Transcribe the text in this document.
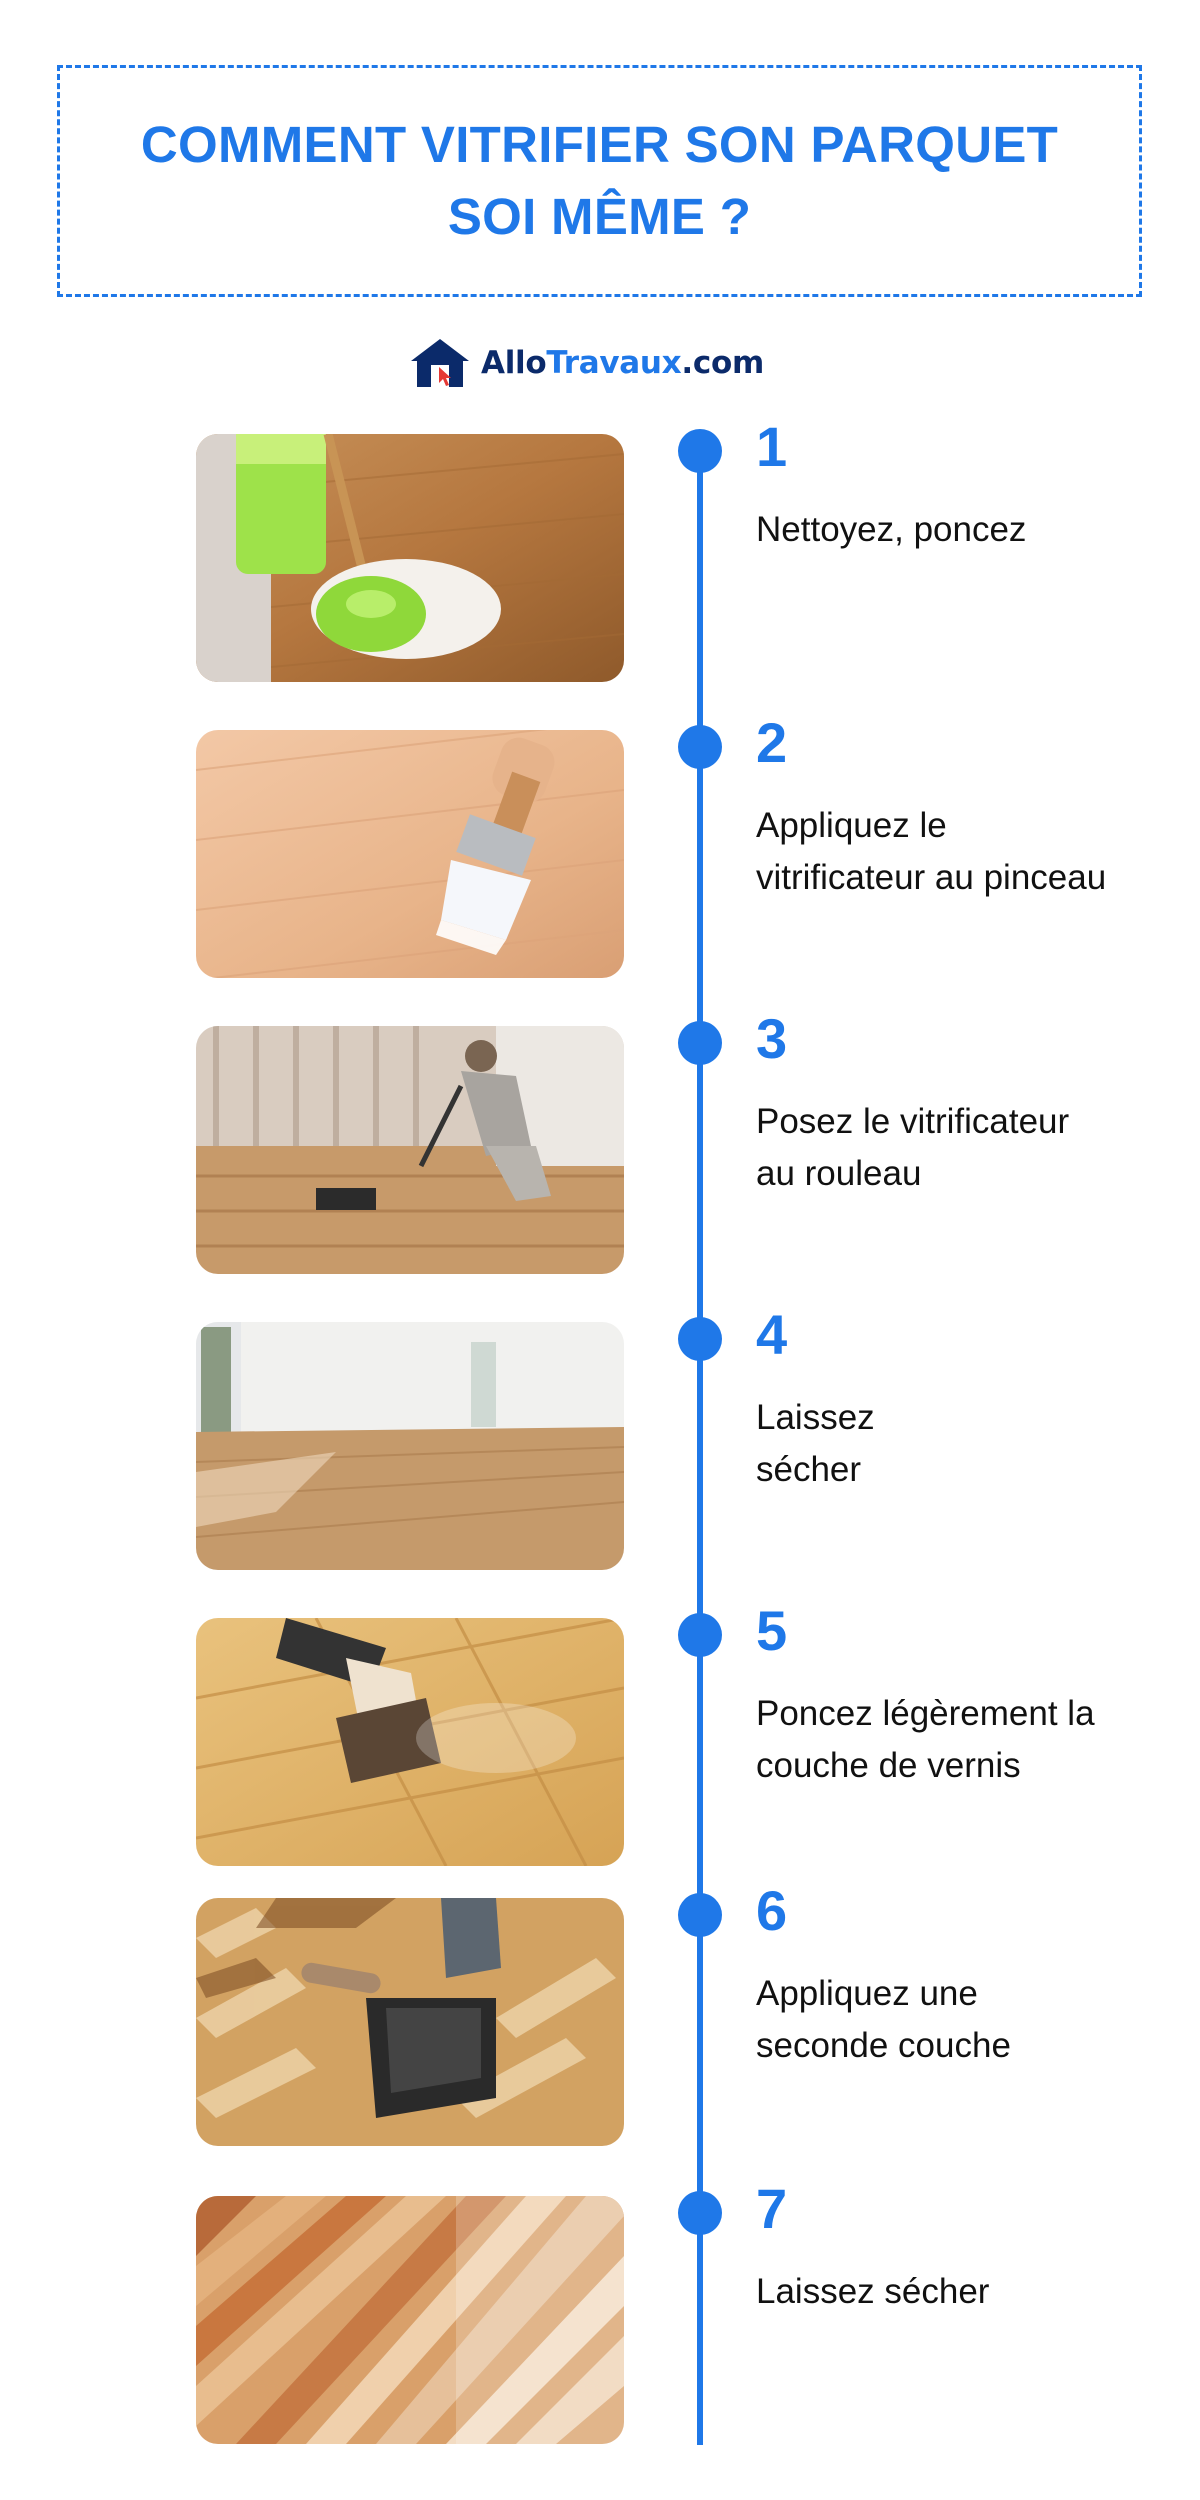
COMMENT VITRIFIER SON PARQUET
SOI MÊME ?
AlloTravaux.com
1
Nettoyez, poncez
2
Appliquez le
vitrificateur au pinceau
3
Posez le vitrificateur
au rouleau
4
Laissez
sécher
5
Poncez légèrement la
couche de vernis
6
Appliquez une
seconde couche
7
Laissez sécher
